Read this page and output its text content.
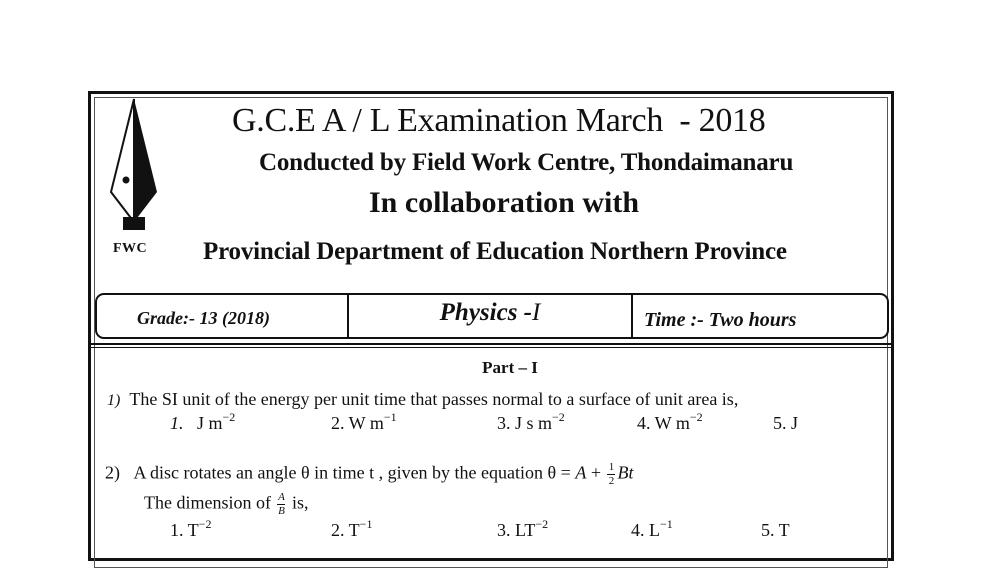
FWC
G.C.E A / L Examination March  - 2018
Conducted by Field Work Centre, Thondaimanaru
In collaboration with
Provincial Department of Education Northern Province
Grade:- 13 (2018)	Physics - I	Time :- Two hours
Part – I
1) The SI unit of the energy per unit time that passes normal to a surface of unit area is,
1.   J $m^{-2}$	2. W $m^{-1}$	3. J s $m^{-2}$	4. W $m^{-2}$	5. J
2) A disc rotates an angle θ in time t , given by the equation $\theta = A + \frac{1}{2}$ Bt
The dimension of $\frac{A}{B}$ is,
1. $T^{-2}$	2. $T^{-1}$	3. $LT^{-2}$	4. $L^{-1}$	5. T
